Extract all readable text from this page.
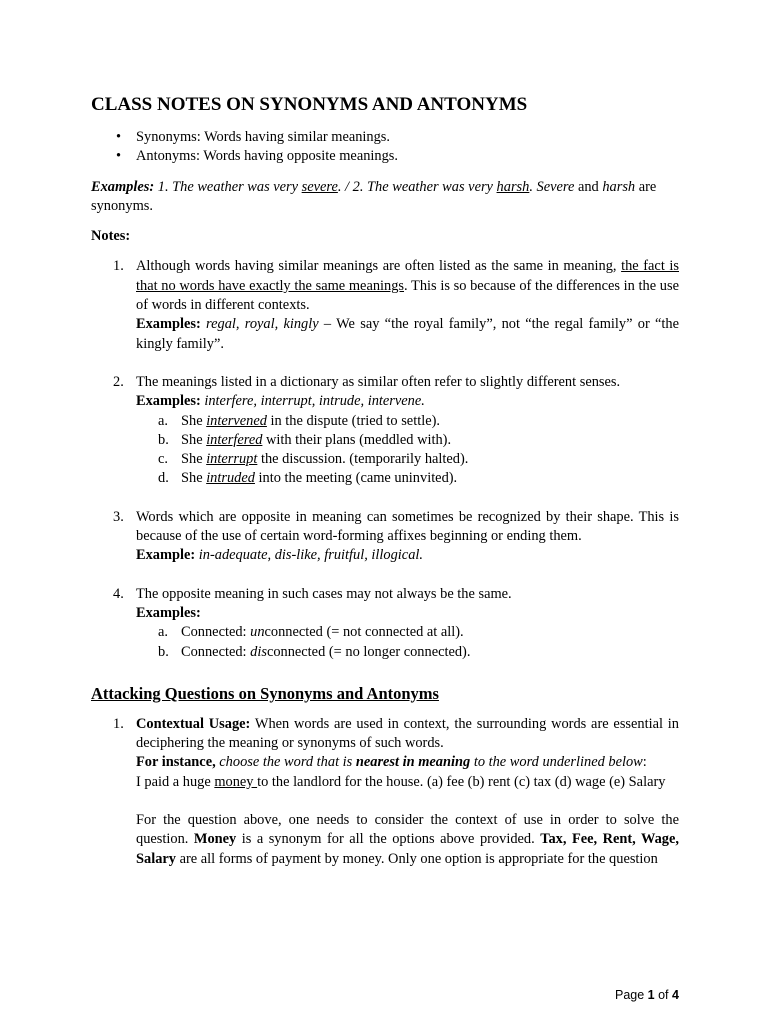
CLASS NOTES ON SYNONYMS AND ANTONYMS
• Synonyms: Words having similar meanings.
• Antonyms: Words having opposite meanings.

Examples: 1. The weather was very severe. / 2. The weather was very harsh. Severe and harsh are synonyms.

Notes:
1. Although words having similar meanings are often listed as the same in meaning, the fact is that no words have exactly the same meanings. This is so because of the differences in the use of words in different contexts.
Examples: regal, royal, kingly – We say “the royal family”, not “the regal family” or “the kingly family”.
2. The meanings listed in a dictionary as similar often refer to slightly different senses.
Examples: interfere, interrupt, intrude, intervene.
a. She intervened in the dispute (tried to settle).
b. She interfered with their plans (meddled with).
c. She interrupt the discussion. (temporarily halted).
d. She intruded into the meeting (came uninvited).
3. Words which are opposite in meaning can sometimes be recognized by their shape. This is because of the use of certain word-forming affixes beginning or ending them.
Example: in-adequate, dis-like, fruitful, illogical.
4. The opposite meaning in such cases may not always be the same.
Examples:
a. Connected: unconnected (= not connected at all).
b. Connected: disconnected (= no longer connected).
Attacking Questions on Synonyms and Antonyms
1. Contextual Usage: When words are used in context, the surrounding words are essential in deciphering the meaning or synonyms of such words.
For instance, choose the word that is nearest in meaning to the word underlined below:
I paid a huge money to the landlord for the house. (a) fee (b) rent (c) tax (d) wage (e) Salary
For the question above, one needs to consider the context of use in order to solve the question. Money is a synonym for all the options above provided. Tax, Fee, Rent, Wage, Salary are all forms of payment by money. Only one option is appropriate for the question
Page 1 of 4
